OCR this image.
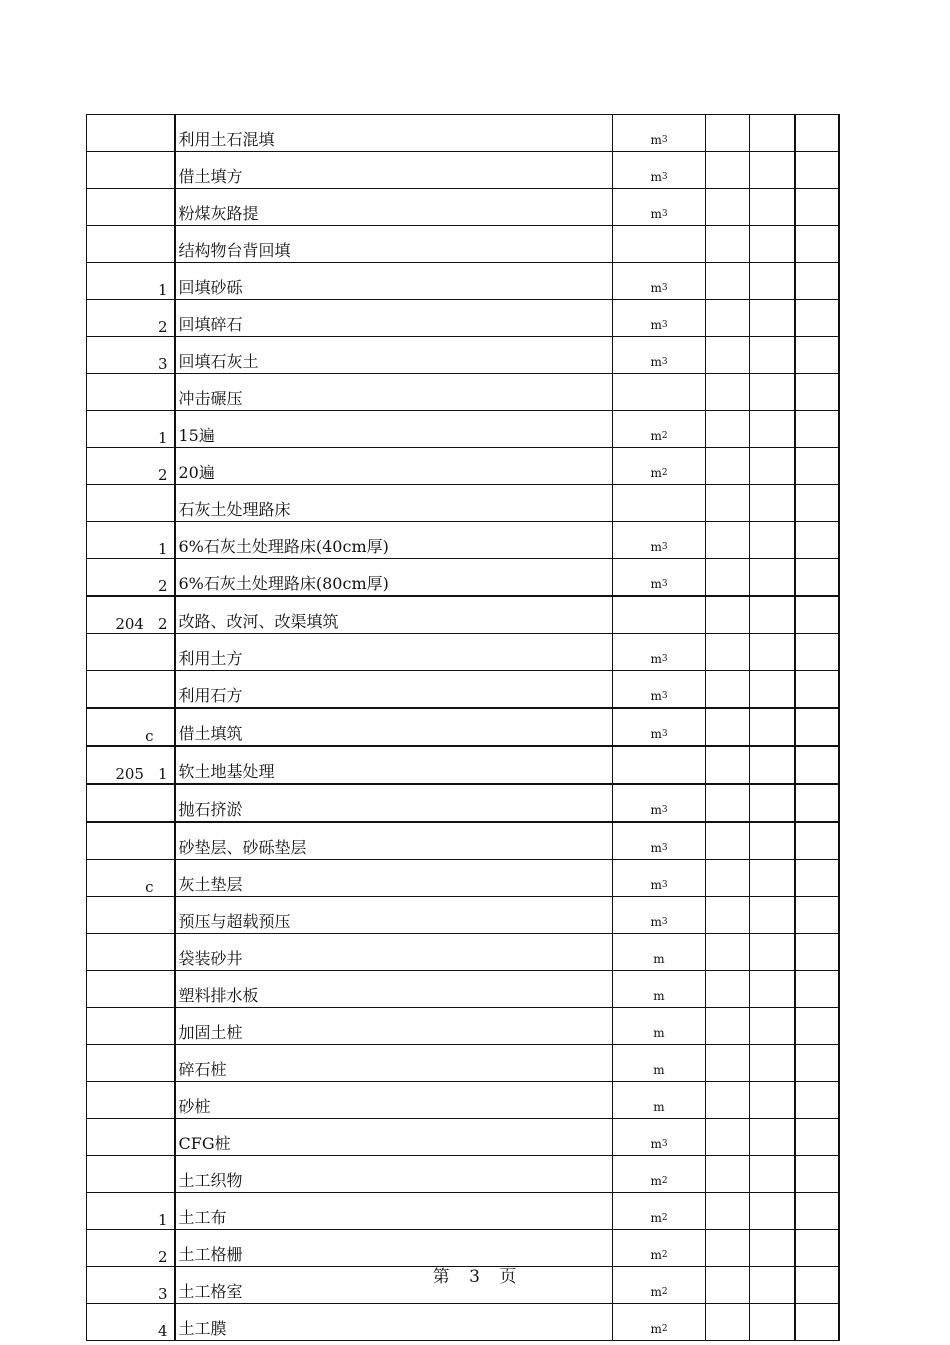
	利用土石混填	$m^3$			
	借土填方	$m^3$			
	粉煤灰路提	$m^3$			
	结构物台背回填				
1	回填砂砾	$m^3$			
2	回填碎石	$m^3$			
3	回填石灰土	$m^3$			
	冲击碾压				
1	15遍	$m^2$			
2	20遍	$m^2$			
	石灰土处理路床				
1	6%石灰土处理路床(40cm厚)	$m^3$			
2	6%石灰土处理路床(80cm厚)	$m^3$			
204 2	改路、改河、改渠填筑				
	利用土方	$m^3$			
	利用石方	$m^3$			
c	借土填筑	$m^3$			
205 1	软土地基处理				
	抛石挤淤	$m^3$			
	砂垫层、砂砾垫层	$m^3$			
c	灰土垫层	$m^3$			
	预压与超载预压	$m^3$			
	袋装砂井	m			
	塑料排水板	m			
	加固土桩	m			
	碎石桩	m			
	砂桩	m			
	CFG桩	$m^3$			
	土工织物	$m^2$			
1	土工布	$m^2$			
2	土工格栅	$m^2$			
3	土工格室	$m^2$			
4	土工膜	$m^2$			
第 3 页
